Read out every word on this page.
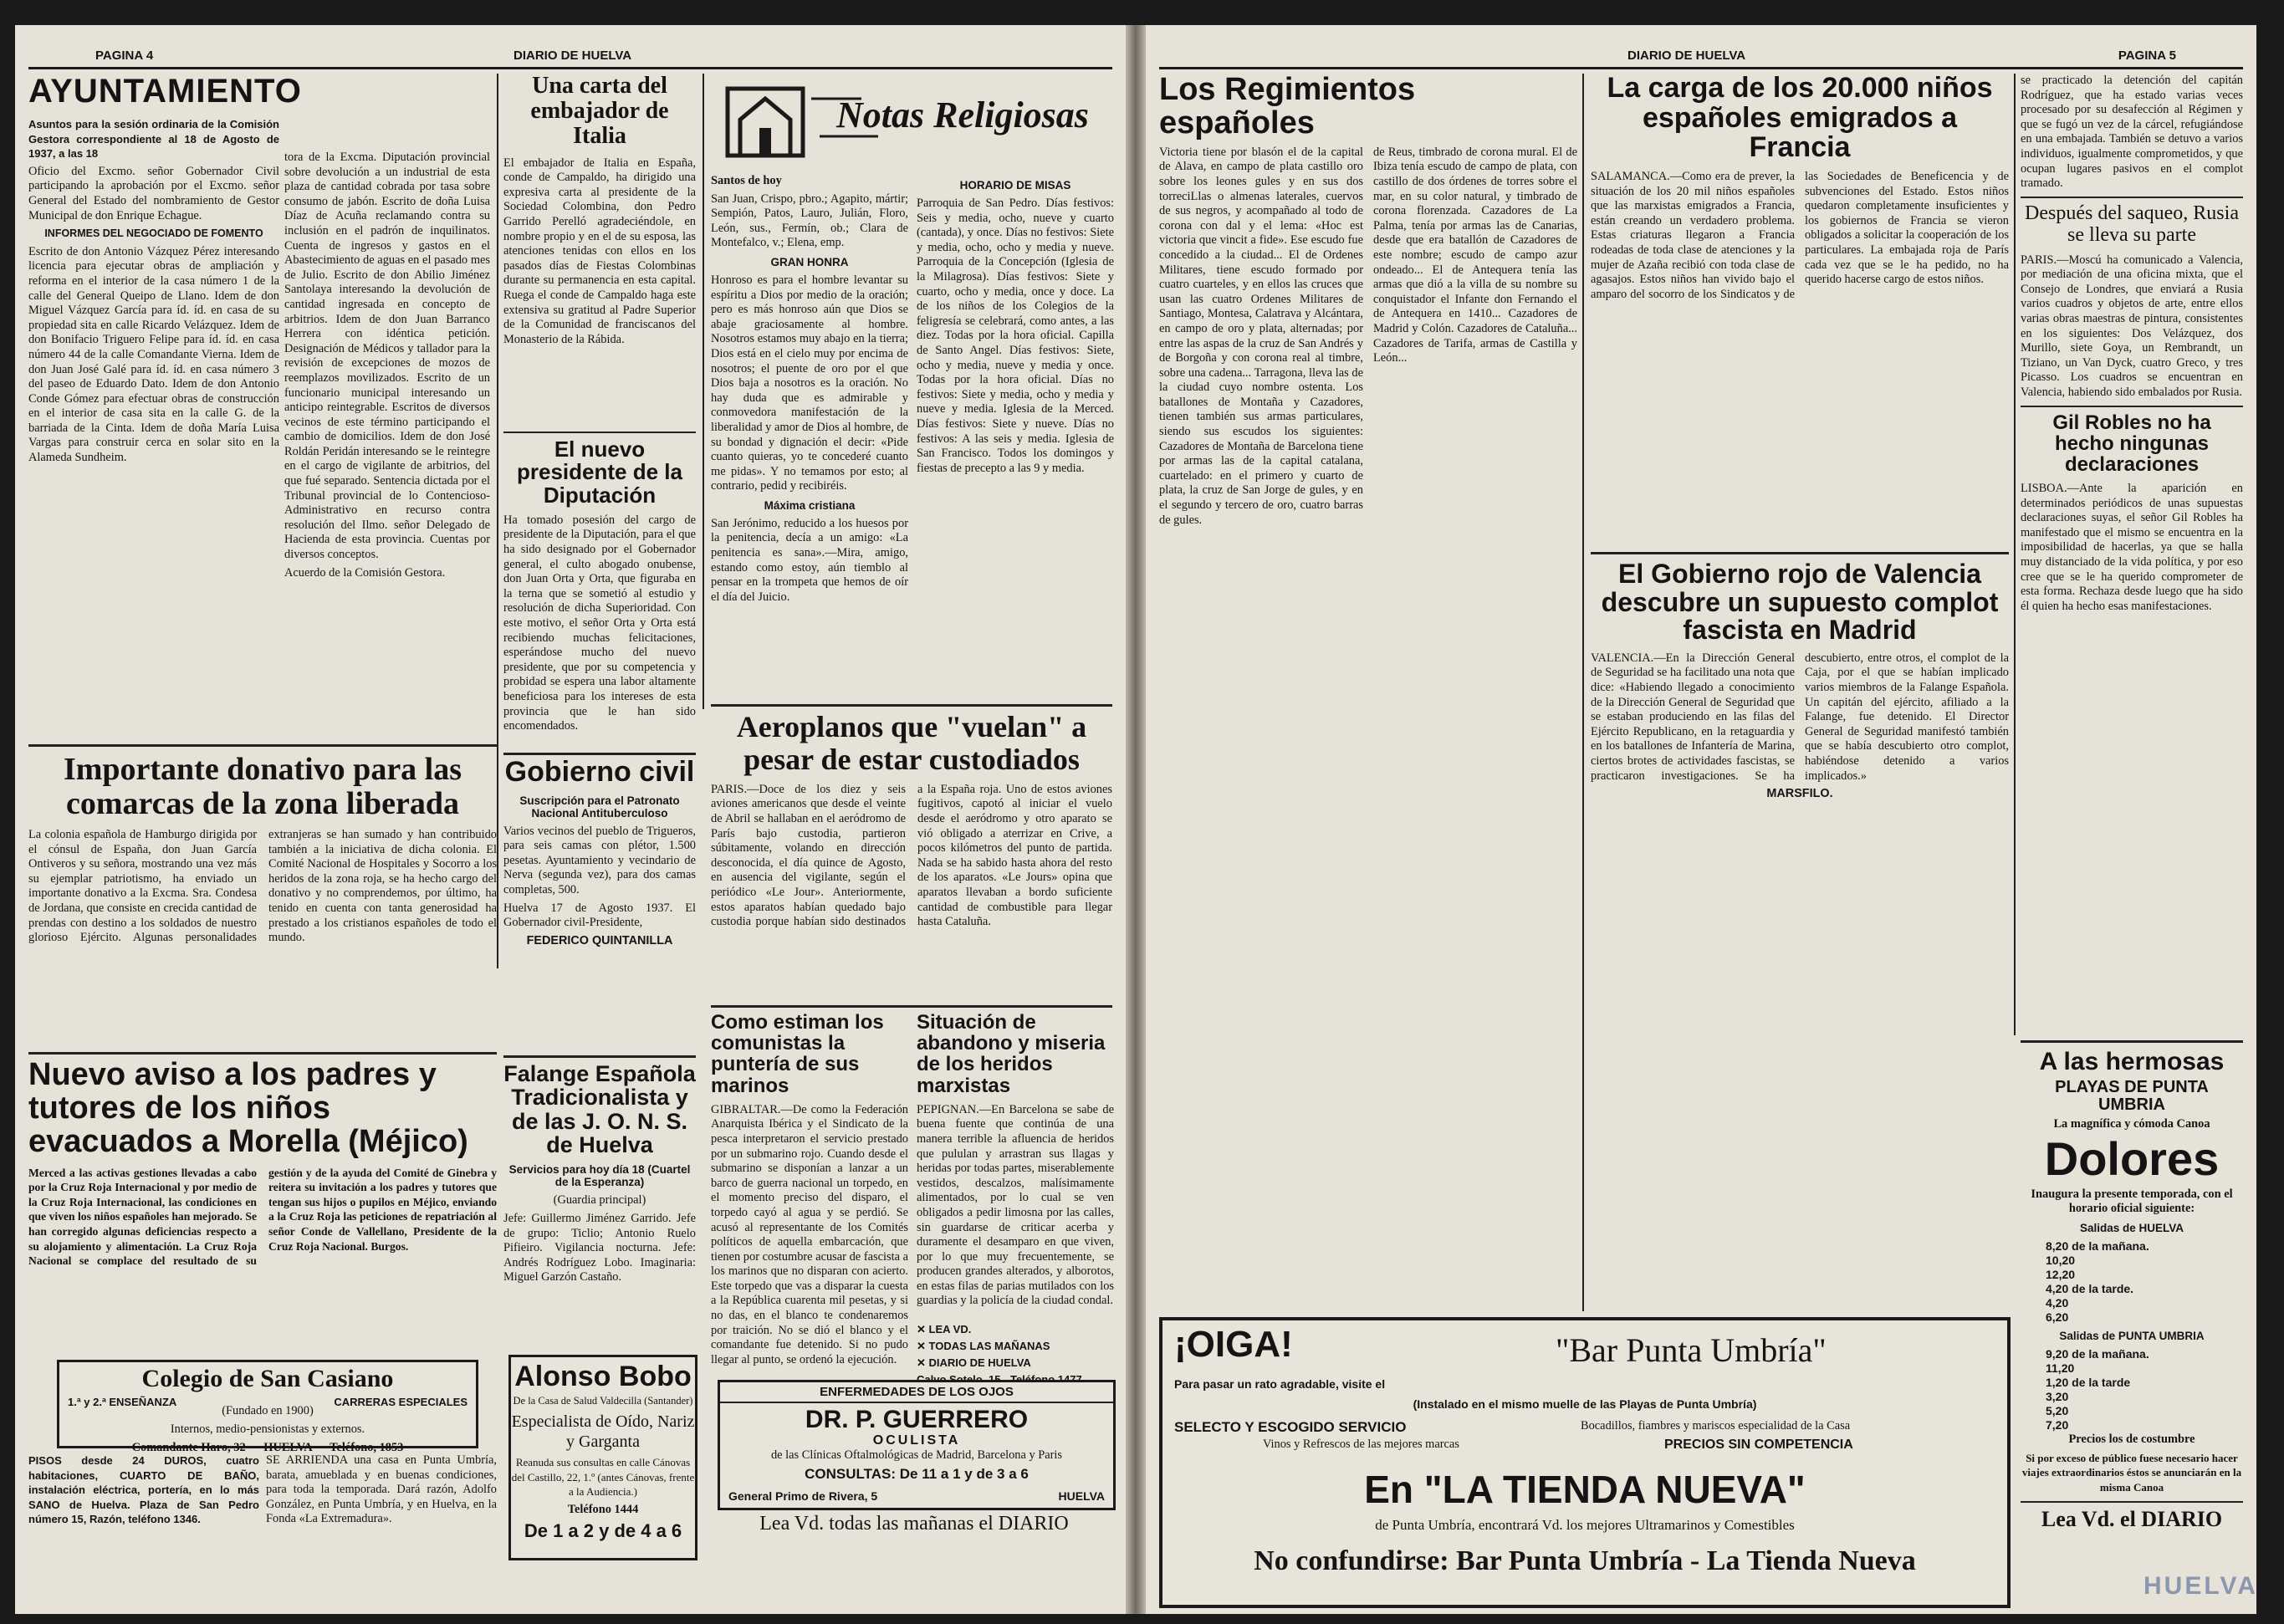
PAGINA 4	DIARIO DE HUELVA
AYUNTAMIENTO

Asuntos para la sesión ordinaria de la Comisión Gestora correspondiente al 18 de Agosto de 1937, a las 18

Oficio del Excmo. señor Gobernador Civil participando la aprobación por el Excmo. señor General del Estado del nombramiento de Gestor Municipal de don Enrique Echague.

INFORMES DEL NEGOCIADO DE FOMENTO

Escrito de don Antonio Vázquez Pérez interesando licencia para ejecutar obras de ampliación y reforma en el interior de la casa número 1 de la calle del General Queipo de Llano. Idem de don Miguel Vázquez García para íd. íd. en casa de su propiedad sita en calle Ricardo Velázquez. Idem de don Bonifacio Triguero Felipe para íd. íd. en casa número 44 de la calle Comandante Vierna. Idem de don Juan José Galé para íd. íd. en casa número 3 del paseo de Eduardo Dato. Idem de don Antonio Conde Gómez para efectuar obras de construcción en el interior de casa sita en la calle G. de la barriada de la Cinta. Idem de doña María Luisa Vargas para construir cerca en solar sito en la Alameda Sundheim.

tora de la Excma. Diputación provincial sobre devolución a un industrial de esta plaza de cantidad cobrada por tasa sobre consumo de jabón. Escrito de doña Luisa Díaz de Acuña reclamando contra su inclusión en el padrón de inquilinatos. Cuenta de ingresos y gastos en el Abastecimiento de aguas en el pasado mes de Julio. Escrito de don Abilio Jiménez Santolaya interesando la devolución de cantidad ingresada en concepto de arbitrios. Idem de don Juan Barranco Herrera con idéntica petición. Designación de Médicos y tallador para la revisión de excepciones de mozos de reemplazos movilizados. Escrito de un funcionario municipal interesando un anticipo reintegrable. Escritos de diversos vecinos de este término participando el cambio de domicilios. Idem de don José Roldán Peridán interesando se le reintegre en el cargo de vigilante de arbitrios, del que fué separado. Sentencia dictada por el Tribunal provincial de lo Contencioso-Administrativo en recurso contra resolución del Ilmo. señor Delegado de Hacienda de esta provincia. Cuentas por diversos conceptos.

Acuerdo de la Comisión Gestora.

Una carta del embajador de Italia

El embajador de Italia en España, conde de Campaldo, ha dirigido una expresiva carta al presidente de la Sociedad Colombina, don Pedro Garrido Perelló agradeciéndole, en nombre propio y en el de su esposa, las atenciones tenidas con ellos en los pasados días de Fiestas Colombinas durante su permanencia en esta capital. Ruega el conde de Campaldo haga este extensiva su gratitud al Padre Superior de la Comunidad de franciscanos del Monasterio de la Rábida.

El nuevo presidente de la Diputación

Ha tomado posesión del cargo de presidente de la Diputación, para el que ha sido designado por el Gobernador general, el culto abogado onubense, don Juan Orta y Orta, que figuraba en la terna que se sometió al estudio y resolución de dicha Superioridad. Con este motivo, el señor Orta y Orta está recibiendo muchas felicitaciones, esperándose mucho del nuevo presidente, que por su competencia y probidad se espera una labor altamente beneficiosa para los intereses de esta provincia que le han sido encomendados.

Notas Religiosas

Santos de hoy

San Juan, Crispo, pbro.; Agapito, mártir; Sempión, Patos, Lauro, Julián, Floro, León, sus., Fermín, ob.; Clara de Montefalco, v.; Elena, emp.

GRAN HONRA

Honroso es para el hombre levantar su espíritu a Dios por medio de la oración; pero es más honroso aún que Dios se abaje graciosamente al hombre. Nosotros estamos muy abajo en la tierra; Dios está en el cielo muy por encima de nosotros; el puente de oro por el que Dios baja a nosotros es la oración. No hay duda que es admirable y conmovedora manifestación de la liberalidad y amor de Dios al hombre, de su bondad y dignación el decir: «Pide cuanto quieras, yo te concederé cuanto me pidas». Y no temamos por esto; al contrario, pedid y recibiréis.

Máxima cristiana

San Jerónimo, reducido a los huesos por la penitencia, decía a un amigo: «La penitencia es sana».—Mira, amigo, estando como estoy, aún tiemblo al pensar en la trompeta que hemos de oír el día del Juicio.

HORARIO DE MISAS

Parroquia de San Pedro. Días festivos: Seis y media, ocho, nueve y cuarto (cantada), y once. Días no festivos: Siete y media, ocho, ocho y media y nueve. Parroquia de la Concepción (Iglesia de la Milagrosa). Días festivos: Siete y cuarto, ocho y media, once y doce. La de los niños de los Colegios de la feligresía se celebrará, como antes, a las diez. Todas por la hora oficial. Capilla de Santo Angel. Días festivos: Siete, ocho y media, nueve y media y once. Todas por la hora oficial. Días no festivos: Siete y media, ocho y media y nueve y media. Iglesia de la Merced. Días festivos: Siete y nueve. Días no festivos: A las seis y media. Iglesia de San Francisco. Todos los domingos y fiestas de precepto a las 9 y media.

Importante donativo para las comarcas de la zona liberada

La colonia española de Hamburgo dirigida por el cónsul de España, don Juan García Ontiveros y su señora, mostrando una vez más su ejemplar patriotismo, ha enviado un importante donativo a la Excma. Sra. Condesa de Jordana, que consiste en crecida cantidad de prendas con destino a los soldados de nuestro glorioso Ejército. Algunas personalidades extranjeras se han sumado y han contribuido también a la iniciativa de dicha colonia. El Comité Nacional de Hospitales y Socorro a los heridos de la zona roja, se ha hecho cargo del donativo y no comprendemos, por último, ha tenido en cuenta con tanta generosidad ha prestado a los cristianos españoles de todo el mundo.

Nuevo aviso a los padres y tutores de los niños evacuados a Morella (Méjico)

Merced a las activas gestiones llevadas a cabo por la Cruz Roja Internacional y por medio de la Cruz Roja Internacional, las condiciones en que viven los niños españoles han mejorado. Se han corregido algunas deficiencias respecto a su alojamiento y alimentación. La Cruz Roja Nacional se complace del resultado de su gestión y de la ayuda del Comité de Ginebra y reitera su invitación a los padres y tutores que tengan sus hijos o pupilos en Méjico, enviando a la Cruz Roja las peticiones de repatriación al señor Conde de Vallellano, Presidente de la Cruz Roja Nacional. Burgos.

Gobierno civil

Suscripción para el Patronato Nacional Antituberculoso

Varios vecinos del pueblo de Trigueros, para seis camas con plétor, 1.500 pesetas. Ayuntamiento y vecindario de Nerva (segunda vez), para dos camas completas, 500.

Huelva 17 de Agosto 1937. El Gobernador civil-Presidente,

FEDERICO QUINTANILLA

Aeroplanos que "vuelan" a pesar de estar custodiados

PARIS.—Doce de los diez y seis aviones americanos que desde el veinte de Abril se hallaban en el aeródromo de París bajo custodia, partieron súbitamente, volando en dirección desconocida, el día quince de Agosto, en ausencia del vigilante, según el periódico «Le Jour». Anteriormente, estos aparatos habían quedado bajo custodia porque habían sido destinados a la España roja. Uno de estos aviones fugitivos, capotó al iniciar el vuelo desde el aeródromo y otro aparato se vió obligado a aterrizar en Crive, a pocos kilómetros del punto de partida. Nada se ha sabido hasta ahora del resto de los aparatos. «Le Jours» opina que aparatos llevaban a bordo suficiente cantidad de combustible para llegar hasta Cataluña.

Falange Española Tradicionalista y de las J. O. N. S. de Huelva

Servicios para hoy día 18 (Cuartel de la Esperanza)

(Guardia principal)

Jefe: Guillermo Jiménez Garrido. Jefe de grupo: Ticlio; Antonio Ruelo Pifieiro. Vigilancia nocturna. Jefe: Andrés Rodríguez Lobo. Imaginaria: Miguel Garzón Castaño.

Como estiman los comunistas la puntería de sus marinos

GIBRALTAR.—De como la Federación Anarquista Ibérica y el Sindicato de la pesca interpretaron el servicio prestado por un submarino rojo. Cuando desde el submarino se disponían a lanzar a un barco de guerra nacional un torpedo, en el momento preciso del disparo, el torpedo cayó al agua y se perdió. Se acusó al representante de los Comités políticos de aquella embarcación, que tienen por costumbre acusar de fascista a los marinos que no disparan con acierto. Este torpedo que vas a disparar la cuesta a la República cuarenta mil pesetas, y si no das, en el blanco te condenaremos por traición. No se dió el blanco y el comandante fue detenido. Si no pudo llegar al punto, se ordenó la ejecución.

Situación de abandono y miseria de los heridos marxistas

PEPIGNAN.—En Barcelona se sabe de buena fuente que continúa de una manera terrible la afluencia de heridos que pululan y arrastran sus llagas y heridas por todas partes, miserablemente vestidos, descalzos, malísimamente alimentados, por lo cual se ven obligados a pedir limosna por las calles, sin guardarse de criticar acerba y duramente el desamparo en que viven, por lo que muy frecuentemente, se producen grandes alterados, y alborotos, en estas filas de parias mutilados con los guardias y la policía de la ciudad condal.

✕ LEA VD.
✕ TODAS LAS MAÑANAS
✕ DIARIO DE HUELVA
Colegio de San Casiano
1.ª y 2.ª ENSEÑANZA	CARRERAS ESPECIALES
(Fundado en 1900)
Internos, medio-pensionistas y externos.
Comandante Haro, 32 — HUELVA — Teléfono, 1853

PISOS desde 24 DUROS, cuatro habitaciones, CUARTO DE BAÑO, instalación eléctrica, portería, en lo más SANO de Huelva. Plaza de San Pedro número 15, Razón, teléfono 1346.

SE ARRIENDA una casa en Punta Umbría, barata, amueblada y en buenas condiciones, para toda la temporada. Dará razón, Adolfo González, en Punta Umbría, y en Huelva, en la Fonda «La Extremadura».

Alonso Bobo
De la Casa de Salud Valdecilla (Santander)
Especialista de Oído, Nariz y Garganta
Reanuda sus consultas en calle Cánovas del Castillo, 22, 1.º (antes Cánovas, frente a la Audiencia.)
Teléfono 1444
De 1 a 2 y de 4 a 6
ENFERMEDADES DE LOS OJOS
DR. P. GUERRERO
OCULISTA
de las Clínicas Oftalmológicas de Madrid, Barcelona y Paris
CONSULTAS: De 11 a 1 y de 3 a 6
General Primo de Rivera, 5	HUELVA
Lea Vd. todas las mañanas el DIARIO
DIARIO DE HUELVA	PAGINA 5
Los Regimientos españoles

Victoria tiene por blasón el de la capital de Alava, en campo de plata castillo oro sobre los leones gules y en sus dos torreciLlas o almenas laterales, cuervos de sus negros, y acompañado al todo de corona con dal y el lema: «Hoc est victoria que vincit a fide». Ese escudo fue concedido a la ciudad... El de Ordenes Militares, tiene escudo formado por cuatro cuarteles, y en ellos las cruces que usan las cuatro Ordenes Militares de Santiago, Montesa, Calatrava y Alcántara, en campo de oro y plata, alternadas; por entre las aspas de la cruz de San Andrés y de Borgoña y con corona real al timbre, sobre una cadena... Tarragona, lleva las de la ciudad cuyo nombre ostenta. Los batallones de Montaña y Cazadores, tienen también sus armas particulares, siendo sus escudos los siguientes: Cazadores de Montaña de Barcelona tiene por armas las de la capital catalana, cuartelado: en el primero y cuarto de plata, la cruz de San Jorge de gules, y en el segundo y tercero de oro, cuatro barras de gules.

de Reus, timbrado de corona mural. El de Ibiza tenía escudo de campo de plata, con castillo de dos órdenes de torres sobre el mar, en su color natural, y timbrado de corona florenzada. Cazadores de La Palma, tenía por armas las de Canarias, desde que era batallón de Cazadores de este nombre; escudo de campo azur ondeado... El de Antequera tenía las armas que dió a la villa de su nombre su conquistador el Infante don Fernando el de Antequera en 1410... Cazadores de Madrid y Colón. Cazadores de Cataluña... Cazadores de Tarifa, armas de Castilla y León...

La carga de los 20.000 niños españoles emigrados a Francia

SALAMANCA.—Como era de prever, la situación de los 20 mil niños españoles que las marxistas emigrados a Francia, están creando un verdadero problema. Estas criaturas llegaron a Francia rodeadas de toda clase de atenciones y la mujer de Azaña recibió con toda clase de agasajos. Estos niños han vivido bajo el amparo del socorro de los Sindicatos y de las Sociedades de Beneficencia y de subvenciones del Estado. Estos niños quedaron completamente insuficientes y los gobiernos de Francia se vieron obligados a solicitar la cooperación de los particulares. La embajada roja de París cada vez que se le ha pedido, no ha querido hacerse cargo de estos niños.

El Gobierno rojo de Valencia descubre un supuesto complot fascista en Madrid

VALENCIA.—En la Dirección General de Seguridad se ha facilitado una nota que dice: «Habiendo llegado a conocimiento de la Dirección General de Seguridad que se estaban produciendo en las filas del Ejército Republicano, en la retaguardia y en los batallones de Infantería de Marina, ciertos brotes de actividades fascistas, se practicaron investigaciones. Se ha descubierto, entre otros, el complot de la Caja, por el que se habían implicado varios miembros de la Falange Española. Un capitán del ejército, afiliado a la Falange, fue detenido. El Director General de Seguridad manifestó también que se había descubierto otro complot, habiéndose detenido a varios implicados.»

MARSFILO.

se practicado la detención del capitán Rodríguez, que ha estado varias veces procesado por su desafección al Régimen y que se fugó un vez de la cárcel, refugiándose en una embajada. También se detuvo a varios individuos, igualmente comprometidos, y que ocupan lugares pasivos en el complot tramado.

Después del saqueo, Rusia se lleva su parte

PARIS.—Moscú ha comunicado a Valencia, por mediación de una oficina mixta, que el Consejo de Londres, que enviará a Rusia varios cuadros y objetos de arte, entre ellos varias obras maestras de pintura, consistentes en los siguientes: Dos Velázquez, dos Murillo, siete Goya, un Rembrandt, un Tiziano, un Van Dyck, cuatro Greco, y tres Picasso. Los cuadros se encuentran en Valencia, habiendo sido embalados por Rusia.

Gil Robles no ha hecho ningunas declaraciones

LISBOA.—Ante la aparición en determinados periódicos de unas supuestas declaraciones suyas, el señor Gil Robles ha manifestado que el mismo se encuentra en la imposibilidad de hacerlas, ya que se halla muy distanciado de la vida política, y por eso cree que se le ha querido comprometer de esta forma. Rechaza desde luego que ha sido él quien ha hecho esas manifestaciones.

¡OIGA!	"Bar Punta Umbría"
Para pasar un rato agradable, visite el
(Instalado en el mismo muelle de las Playas de Punta Umbría)
SELECTO Y ESCOGIDO SERVICIO
Vinos y Refrescos de las mejores marcas
Bocadillos, fiambres y mariscos especialidad de la Casa
PRECIOS SIN COMPETENCIA
En "LA TIENDA NUEVA"
de Punta Umbría, encontrará Vd. los mejores Ultramarinos y Comestibles
No confundirse: Bar Punta Umbría - La Tienda Nueva
A las hermosas
PLAYAS DE PUNTA UMBRIA
La magnífica y cómoda Canoa
Dolores
Inaugura la presente temporada, con el horario oficial siguiente:
Salidas de HUELVA
8,20 de la mañana.
10,20
12,20
4,20 de la tarde.
4,20
6,20
Salidas de PUNTA UMBRIA
9,20 de la mañana.
11,20
1,20 de la tarde
3,20
5,20
7,20
Precios los de costumbre
Si por exceso de público fuese necesario hacer viajes extraordinarios éstos se anunciarán en la misma Canoa
Lea Vd. el DIARIO
HUELVA
